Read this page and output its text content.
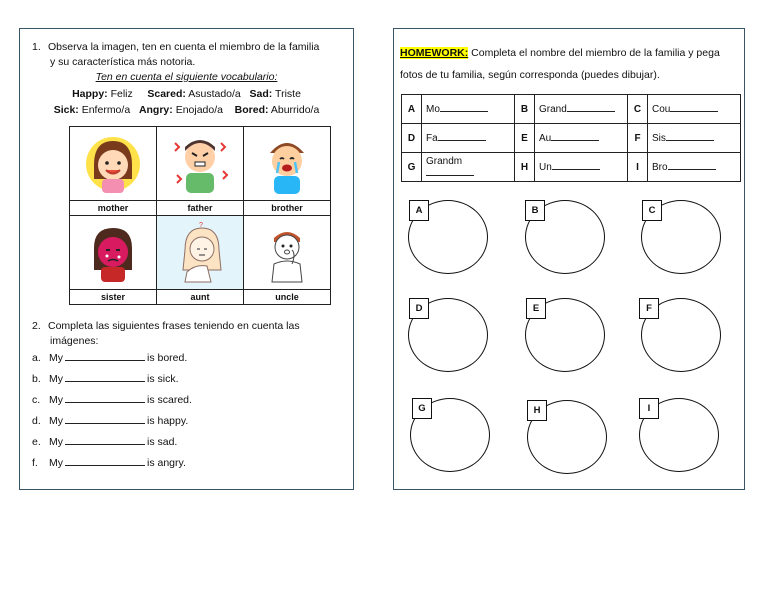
1. Observa la imagen, ten en cuenta el miembro de la familia
y su característica más notoria.
Ten en cuenta el siguiente vocabulario:
Happy: Feliz Scared: Asustado/a Sad: Triste
Sick: Enfermo/a Angry: Enojado/a Bored: Aburrido/a

mother	father	brother

?

sister	aunt	uncle
2. Completa las siguientes frases teniendo en cuenta las
imágenes:
a. My	is bored.
b. My	is sick.
c. My	is scared.
d. My	is happy.
e. My	is sad.
f. My	is angry.
HOMEWORK: Completa el nombre del miembro de la familia y pega fotos de tu familia, según corresponda (puedes dibujar).
A	Mo	B	Grand	C	Cou
D	Fa	E	Au	F	Sis
G	Grandm	H	Un	I	Bro
A	B	C
D	E	F
G	H	I
